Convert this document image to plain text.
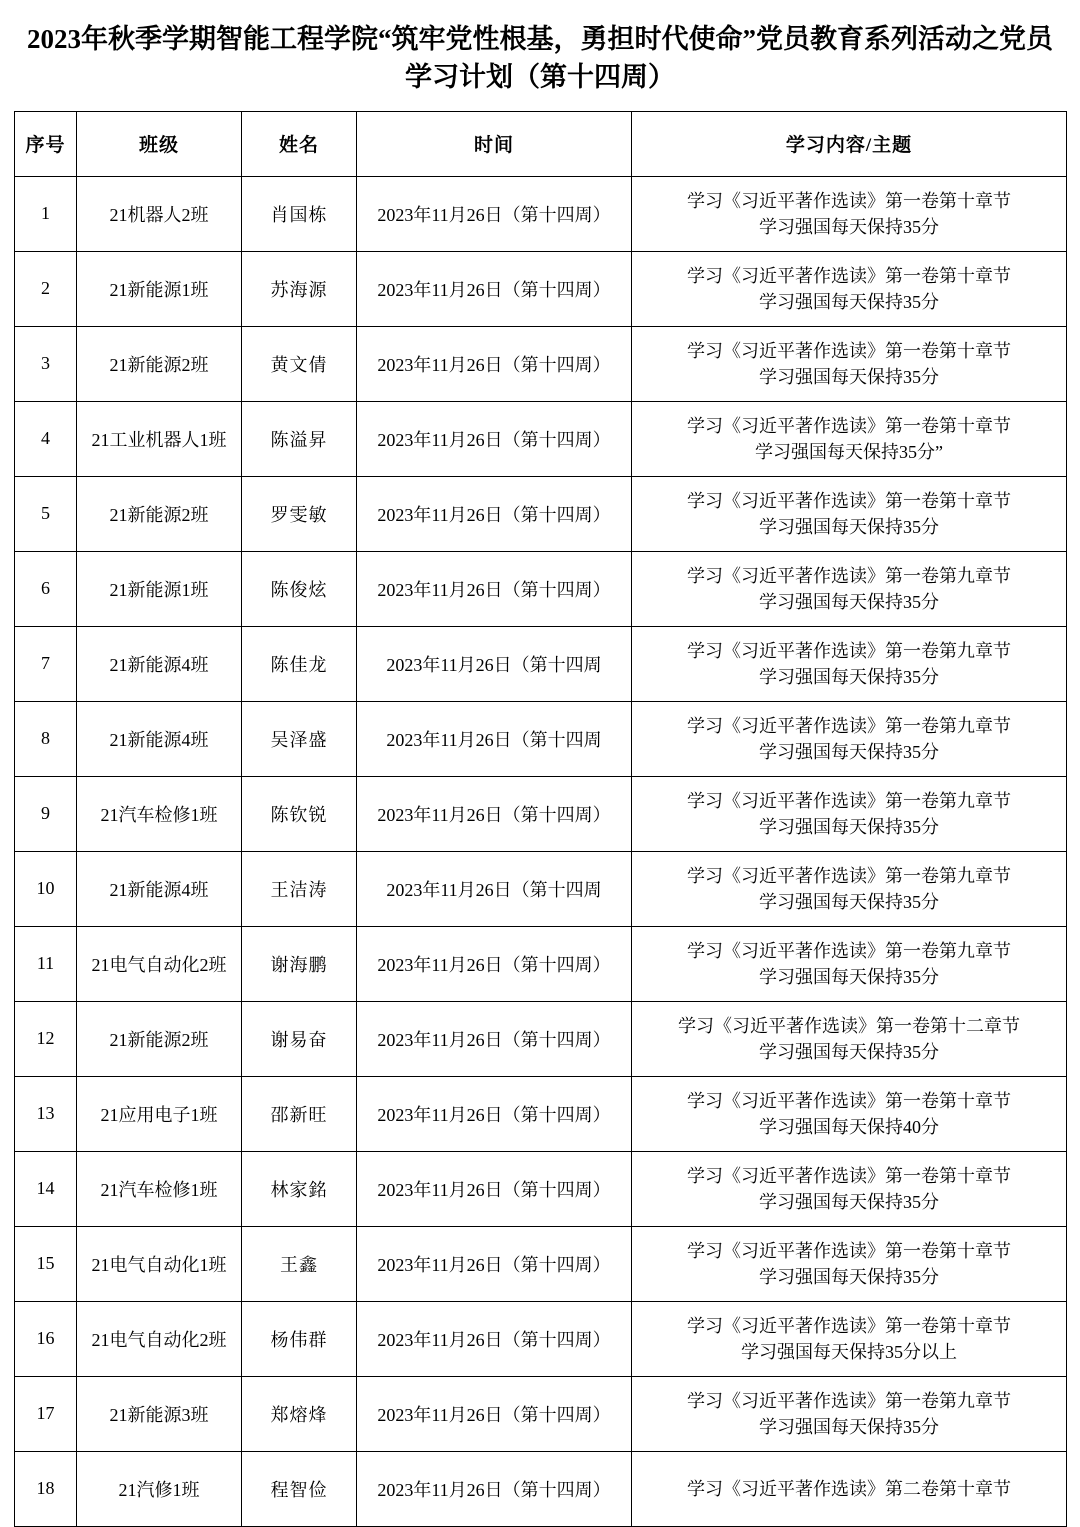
2023年秋季学期智能工程学院“筑牢党性根基，勇担时代使命”党员教育系列活动之党员学习计划（第十四周）
序号	班级	姓名	时间	学习内容/主题
1	21机器人2班	肖国栋	2023年11月26日（第十四周）	学习《习近平著作选读》第一卷第十章节
学习强国每天保持35分

2	21新能源1班	苏海源	2023年11月26日（第十四周）	学习《习近平著作选读》第一卷第十章节
学习强国每天保持35分

3	21新能源2班	黄文倩	2023年11月26日（第十四周）	学习《习近平著作选读》第一卷第十章节
学习强国每天保持35分

4	21工业机器人1班	陈溢昇	2023年11月26日（第十四周）	学习《习近平著作选读》第一卷第十章节
学习强国每天保持35分”

5	21新能源2班	罗雯敏	2023年11月26日（第十四周）	学习《习近平著作选读》第一卷第十章节
学习强国每天保持35分

6	21新能源1班	陈俊炫	2023年11月26日（第十四周）	学习《习近平著作选读》第一卷第九章节
学习强国每天保持35分

7	21新能源4班	陈佳龙	2023年11月26日（第十四周	学习《习近平著作选读》第一卷第九章节
学习强国每天保持35分

8	21新能源4班	吴泽盛	2023年11月26日（第十四周	学习《习近平著作选读》第一卷第九章节
学习强国每天保持35分

9	21汽车检修1班	陈钦锐	2023年11月26日（第十四周）	学习《习近平著作选读》第一卷第九章节
学习强国每天保持35分

10	21新能源4班	王洁涛	2023年11月26日（第十四周	学习《习近平著作选读》第一卷第九章节
学习强国每天保持35分

11	21电气自动化2班	谢海鹏	2023年11月26日（第十四周）	学习《习近平著作选读》第一卷第九章节
学习强国每天保持35分

12	21新能源2班	谢易奋	2023年11月26日（第十四周）	学习《习近平著作选读》第一卷第十二章节
学习强国每天保持35分

13	21应用电子1班	邵新旺	2023年11月26日（第十四周）	学习《习近平著作选读》第一卷第十章节
学习强国每天保持40分

14	21汽车检修1班	林家銘	2023年11月26日（第十四周）	学习《习近平著作选读》第一卷第十章节
学习强国每天保持35分

15	21电气自动化1班	王鑫	2023年11月26日（第十四周）	学习《习近平著作选读》第一卷第十章节
学习强国每天保持35分

16	21电气自动化2班	杨伟群	2023年11月26日（第十四周）	学习《习近平著作选读》第一卷第十章节
学习强国每天保持35分以上

17	21新能源3班	郑熔烽	2023年11月26日（第十四周）	学习《习近平著作选读》第一卷第九章节
学习强国每天保持35分

18	21汽修1班	程智俭	2023年11月26日（第十四周）	学习《习近平著作选读》第二卷第十章节
